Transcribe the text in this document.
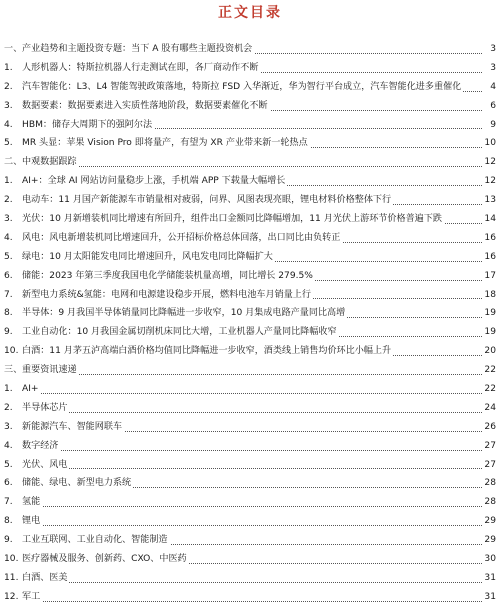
正文目录
一、 产业趋势和主题投资专题：当下 A 股有哪些主题投资机会	3
1. 人形机器人：特斯拉机器人行走测试在即，各厂商动作不断	3
2. 汽车智能化：L3、L4 智能驾驶政策落地，特斯拉 FSD 入华渐近，华为智行平台成立，汽车智能化进多重催化	4
3. 数据要素：数据要素进入实质性落地阶段，数据要素催化不断	6
4. HBM：储存大周期下的强阿尔法	9
5. MR 头显：苹果 Vision Pro 即将量产，有望为 XR 产业带来新一轮热点	10
二、 中观数据跟踪	12
1. AI+：全球 AI 网站访问量稳步上涨，手机端 APP 下载量大幅增长	12
2. 电动车：11 月国产新能源车市销量相对疲弱，问界、风图表现亮眼，锂电材料价格整体下行	13
3. 光伏：10 月新增装机同比增速有所回升，组件出口金额同比降幅增加，11 月光伏上游环节价格普遍下跌	14
4. 风电：风电新增装机同比增速回升，公开招标价格总体回落，出口同比由负转正	16
5. 绿电：10 月太阳能发电同比增速回升，风电发电同比降幅扩大	16
6. 储能：2023 年第三季度我国电化学储能装机量高增，同比增长 279.5%	17
7. 新型电力系统&氢能：电网和电源建设稳步开展，燃料电池车月销量上行	18
8. 半导体：9 月我国半导体销量同比降幅进一步收窄，10 月集成电路产量同比高增	19
9. 工业自动化：10 月我国金属切削机床同比大增，工业机器人产量同比降幅收窄	19
10. 白酒：11 月茅五泸高端白酒价格均值同比降幅进一步收窄，酒类线上销售均价环比小幅上升	20
三、 重要资讯速递	22
1. AI+	22
2. 半导体芯片	24
3. 新能源汽车、智能网联车	26
4. 数字经济	27
5. 光伏、风电	27
6. 储能、绿电、新型电力系统	28
7. 氢能	28
8. 锂电	29
9. 工业互联网、工业自动化、智能制造	29
10. 医疗器械及服务、创新药、CXO、中医药	30
11. 白酒、医美	31
12. 军工	31
